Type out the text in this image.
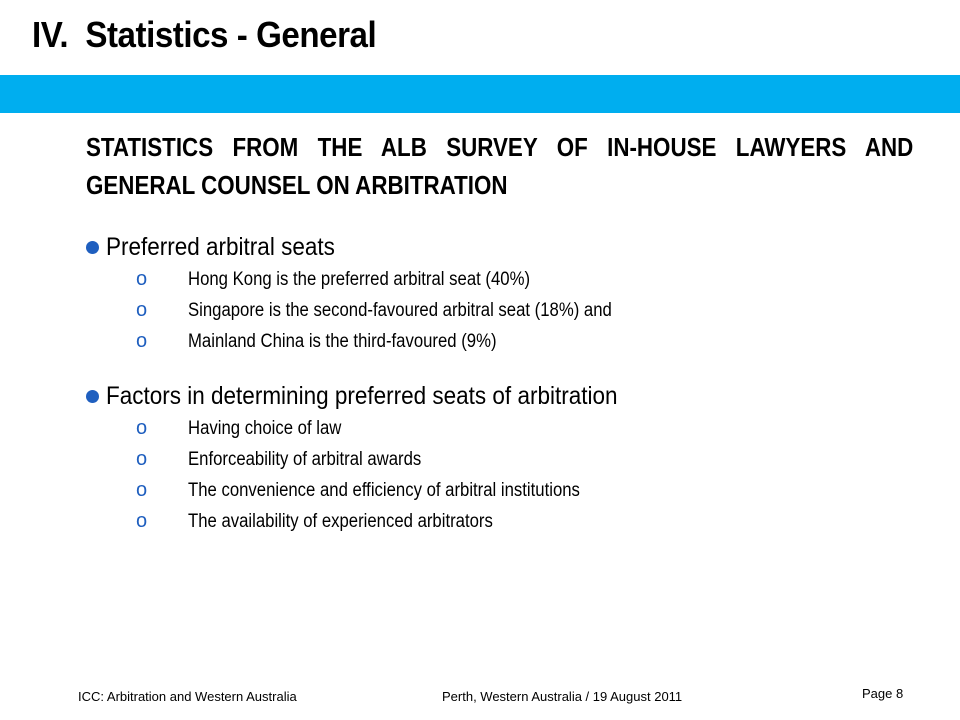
IV. Statistics - General
STATISTICS FROM THE ALB SURVEY OF IN-HOUSE LAWYERS AND GENERAL COUNSEL ON ARBITRATION
Preferred arbitral seats
o	Hong Kong is the preferred arbitral seat (40%)
o	Singapore is the second-favoured arbitral seat (18%) and
o	Mainland China is the third-favoured (9%)
Factors in determining preferred seats of arbitration
o	Having choice of law
o	Enforceability of arbitral awards
o	The convenience and efficiency of arbitral institutions
o	The availability of experienced arbitrators
ICC: Arbitration and Western Australia	Perth, Western Australia / 19 August 2011	Page 8
